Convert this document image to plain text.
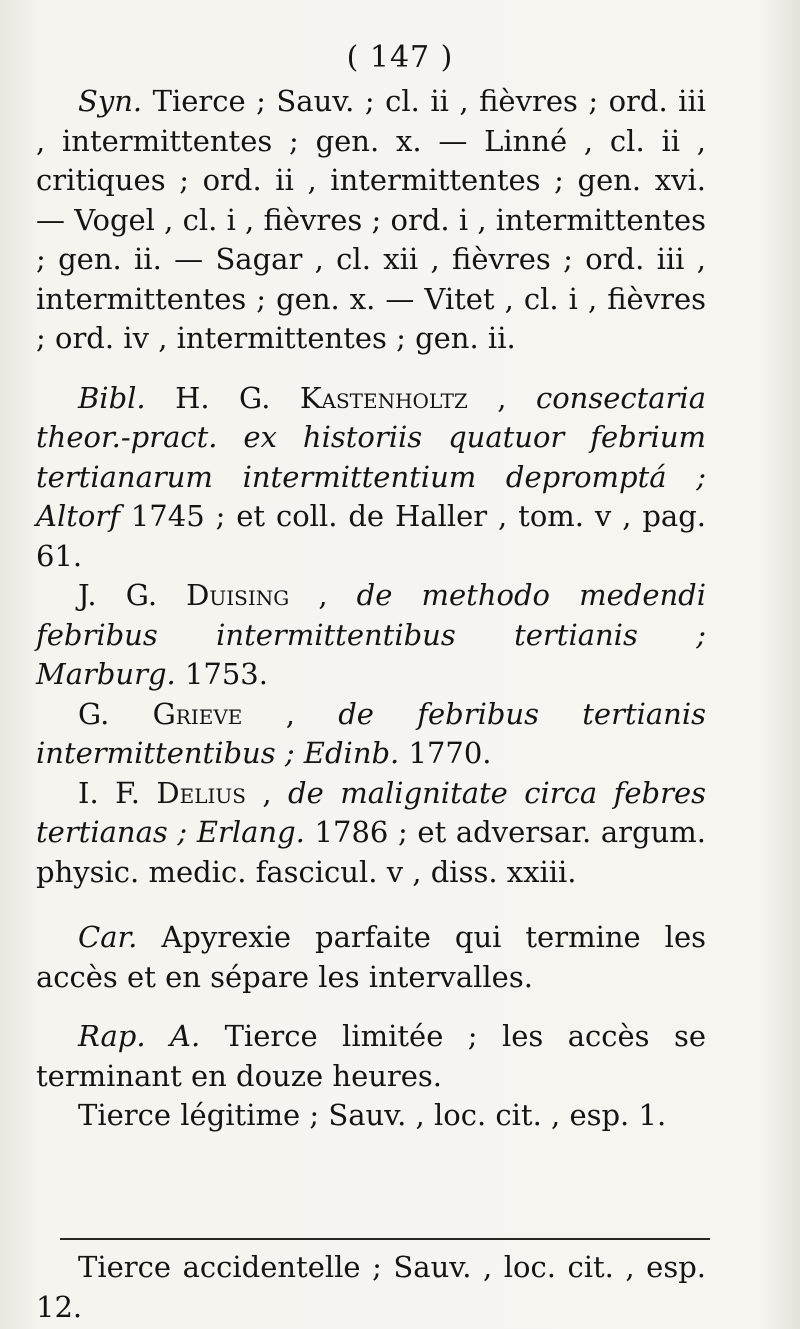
( 147 )

Syn. Tierce ; Sauv. ; cl. ii , fièvres ; ord. iii , intermittentes ; gen. x. — Linné , cl. ii , critiques ; ord. ii , intermittentes ; gen. xvi. — Vogel , cl. i , fièvres ; ord. i , intermittentes ; gen. ii. — Sagar , cl. xii , fièvres ; ord. iii , intermittentes ; gen. x. — Vitet , cl. i , fièvres ; ord. iv , intermittentes ; gen. ii.

Bibl. H. G. Kastenholtz , consectaria theor.-pract. ex historiis quatuor febrium tertianarum intermittentium depromptá ; Altorf 1745 ; et coll. de Haller , tom. v , pag. 61.

J. G. Duising , de methodo medendi febribus intermittentibus tertianis ; Marburg. 1753.

G. Grieve , de febribus tertianis intermittentibus ; Edinb. 1770.

I. F. Delius , de malignitate circa febres tertianas ; Erlang. 1786 ; et adversar. argum. physic. medic. fascicul. v , diss. xxiii.

Car. Apyrexie parfaite qui termine les accès et en sépare les intervalles.

Rap. A. Tierce limitée ; les accès se terminant en douze heures.

Tierce légitime ; Sauv. , loc. cit. , esp. 1.

Tierce accidentelle ; Sauv. , loc. cit. , esp. 12.
